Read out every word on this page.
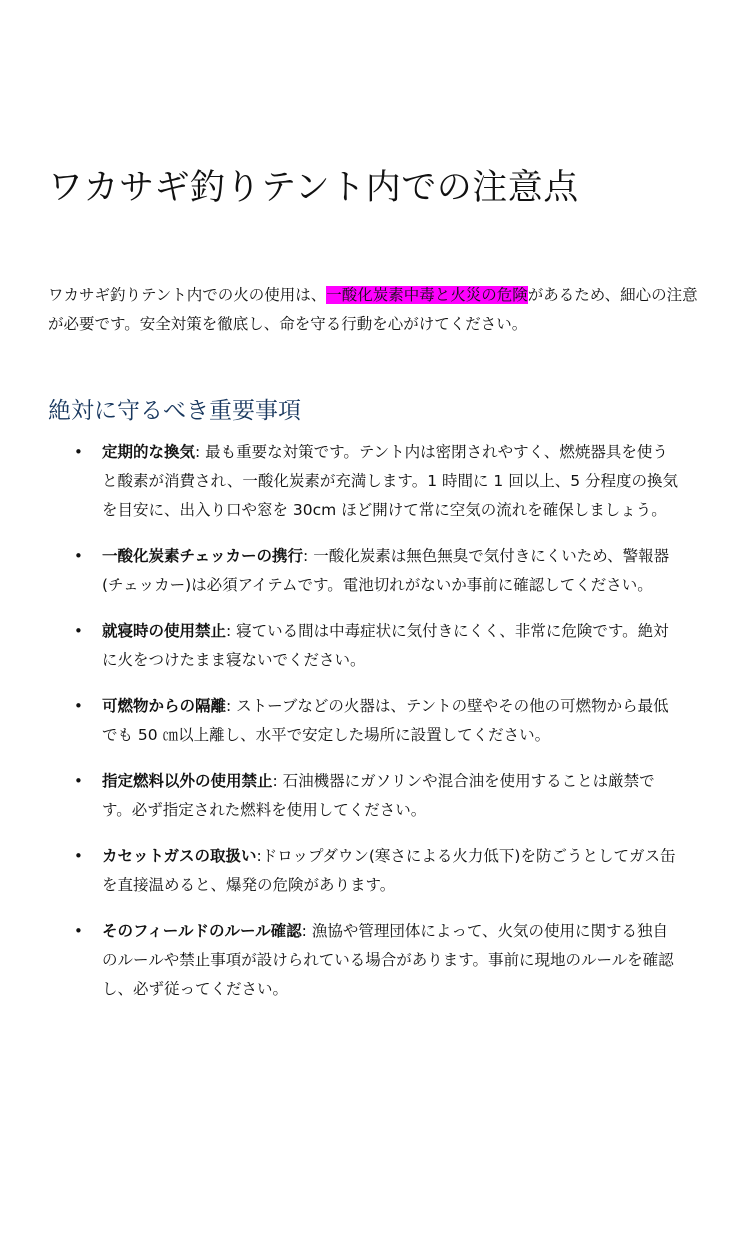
ワカサギ釣りテント内での注意点

ワカサギ釣りテント内での火の使用は、一酸化炭素中毒と火災の危険があるため、細心の注意が必要です。安全対策を徹底し、命を守る行動を心がけてください。

絶対に守るべき重要事項
• 定期的な換気: 最も重要な対策です。テント内は密閉されやすく、燃焼器具を使うと酸素が消費され、一酸化炭素が充満します。1 時間に 1 回以上、5 分程度の換気を目安に、出入り口や窓を 30cm ほど開けて常に空気の流れを確保しましょう。
• 一酸化炭素チェッカーの携行: 一酸化炭素は無色無臭で気付きにくいため、警報器(チェッカー)は必須アイテムです。電池切れがないか事前に確認してください。
• 就寝時の使用禁止: 寝ている間は中毒症状に気付きにくく、非常に危険です。絶対に火をつけたまま寝ないでください。
• 可燃物からの隔離: ストーブなどの火器は、テントの壁やその他の可燃物から最低でも 50 ㎝以上離し、水平で安定した場所に設置してください。
• 指定燃料以外の使用禁止: 石油機器にガソリンや混合油を使用することは厳禁です。必ず指定された燃料を使用してください。
• カセットガスの取扱い:ドロップダウン(寒さによる火力低下)を防ごうとしてガス缶を直接温めると、爆発の危険があります。
• そのフィールドのルール確認: 漁協や管理団体によって、火気の使用に関する独自のルールや禁止事項が設けられている場合があります。事前に現地のルールを確認し、必ず従ってください。
